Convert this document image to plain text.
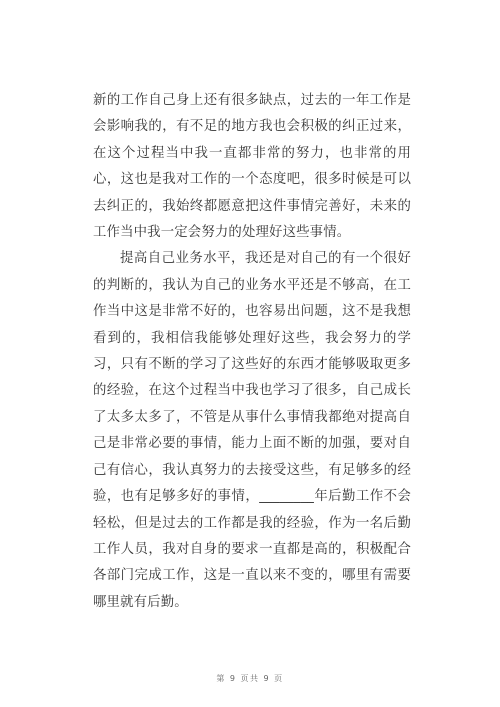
新的工作自己身上还有很多缺点，过去的一年工作是会影响我的，有不足的地方我也会积极的纠正过来，在这个过程当中我一直都非常的努力，也非常的用心，这也是我对工作的一个态度吧，很多时候是可以去纠正的，我始终都愿意把这件事情完善好，未来的工作当中我一定会努力的处理好这些事情。

提高自己业务水平，我还是对自己的有一个很好的判断的，我认为自己的业务水平还是不够高，在工作当中这是非常不好的，也容易出问题，这不是我想看到的，我相信我能够处理好这些，我会努力的学习，只有不断的学习了这些好的东西才能够吸取更多的经验，在这个过程当中我也学习了很多，自己成长了太多太多了，不管是从事什么事情我都绝对提高自己是非常必要的事情，能力上面不断的加强，要对自己有信心，我认真努力的去接受这些，有足够多的经验，也有足够多好的事情，________年后勤工作不会轻松，但是过去的工作都是我的经验，作为一名后勤工作人员，我对自身的要求一直都是高的，积极配合各部门完成工作，这是一直以来不变的，哪里有需要哪里就有后勤。

第 9 页共 9 页
